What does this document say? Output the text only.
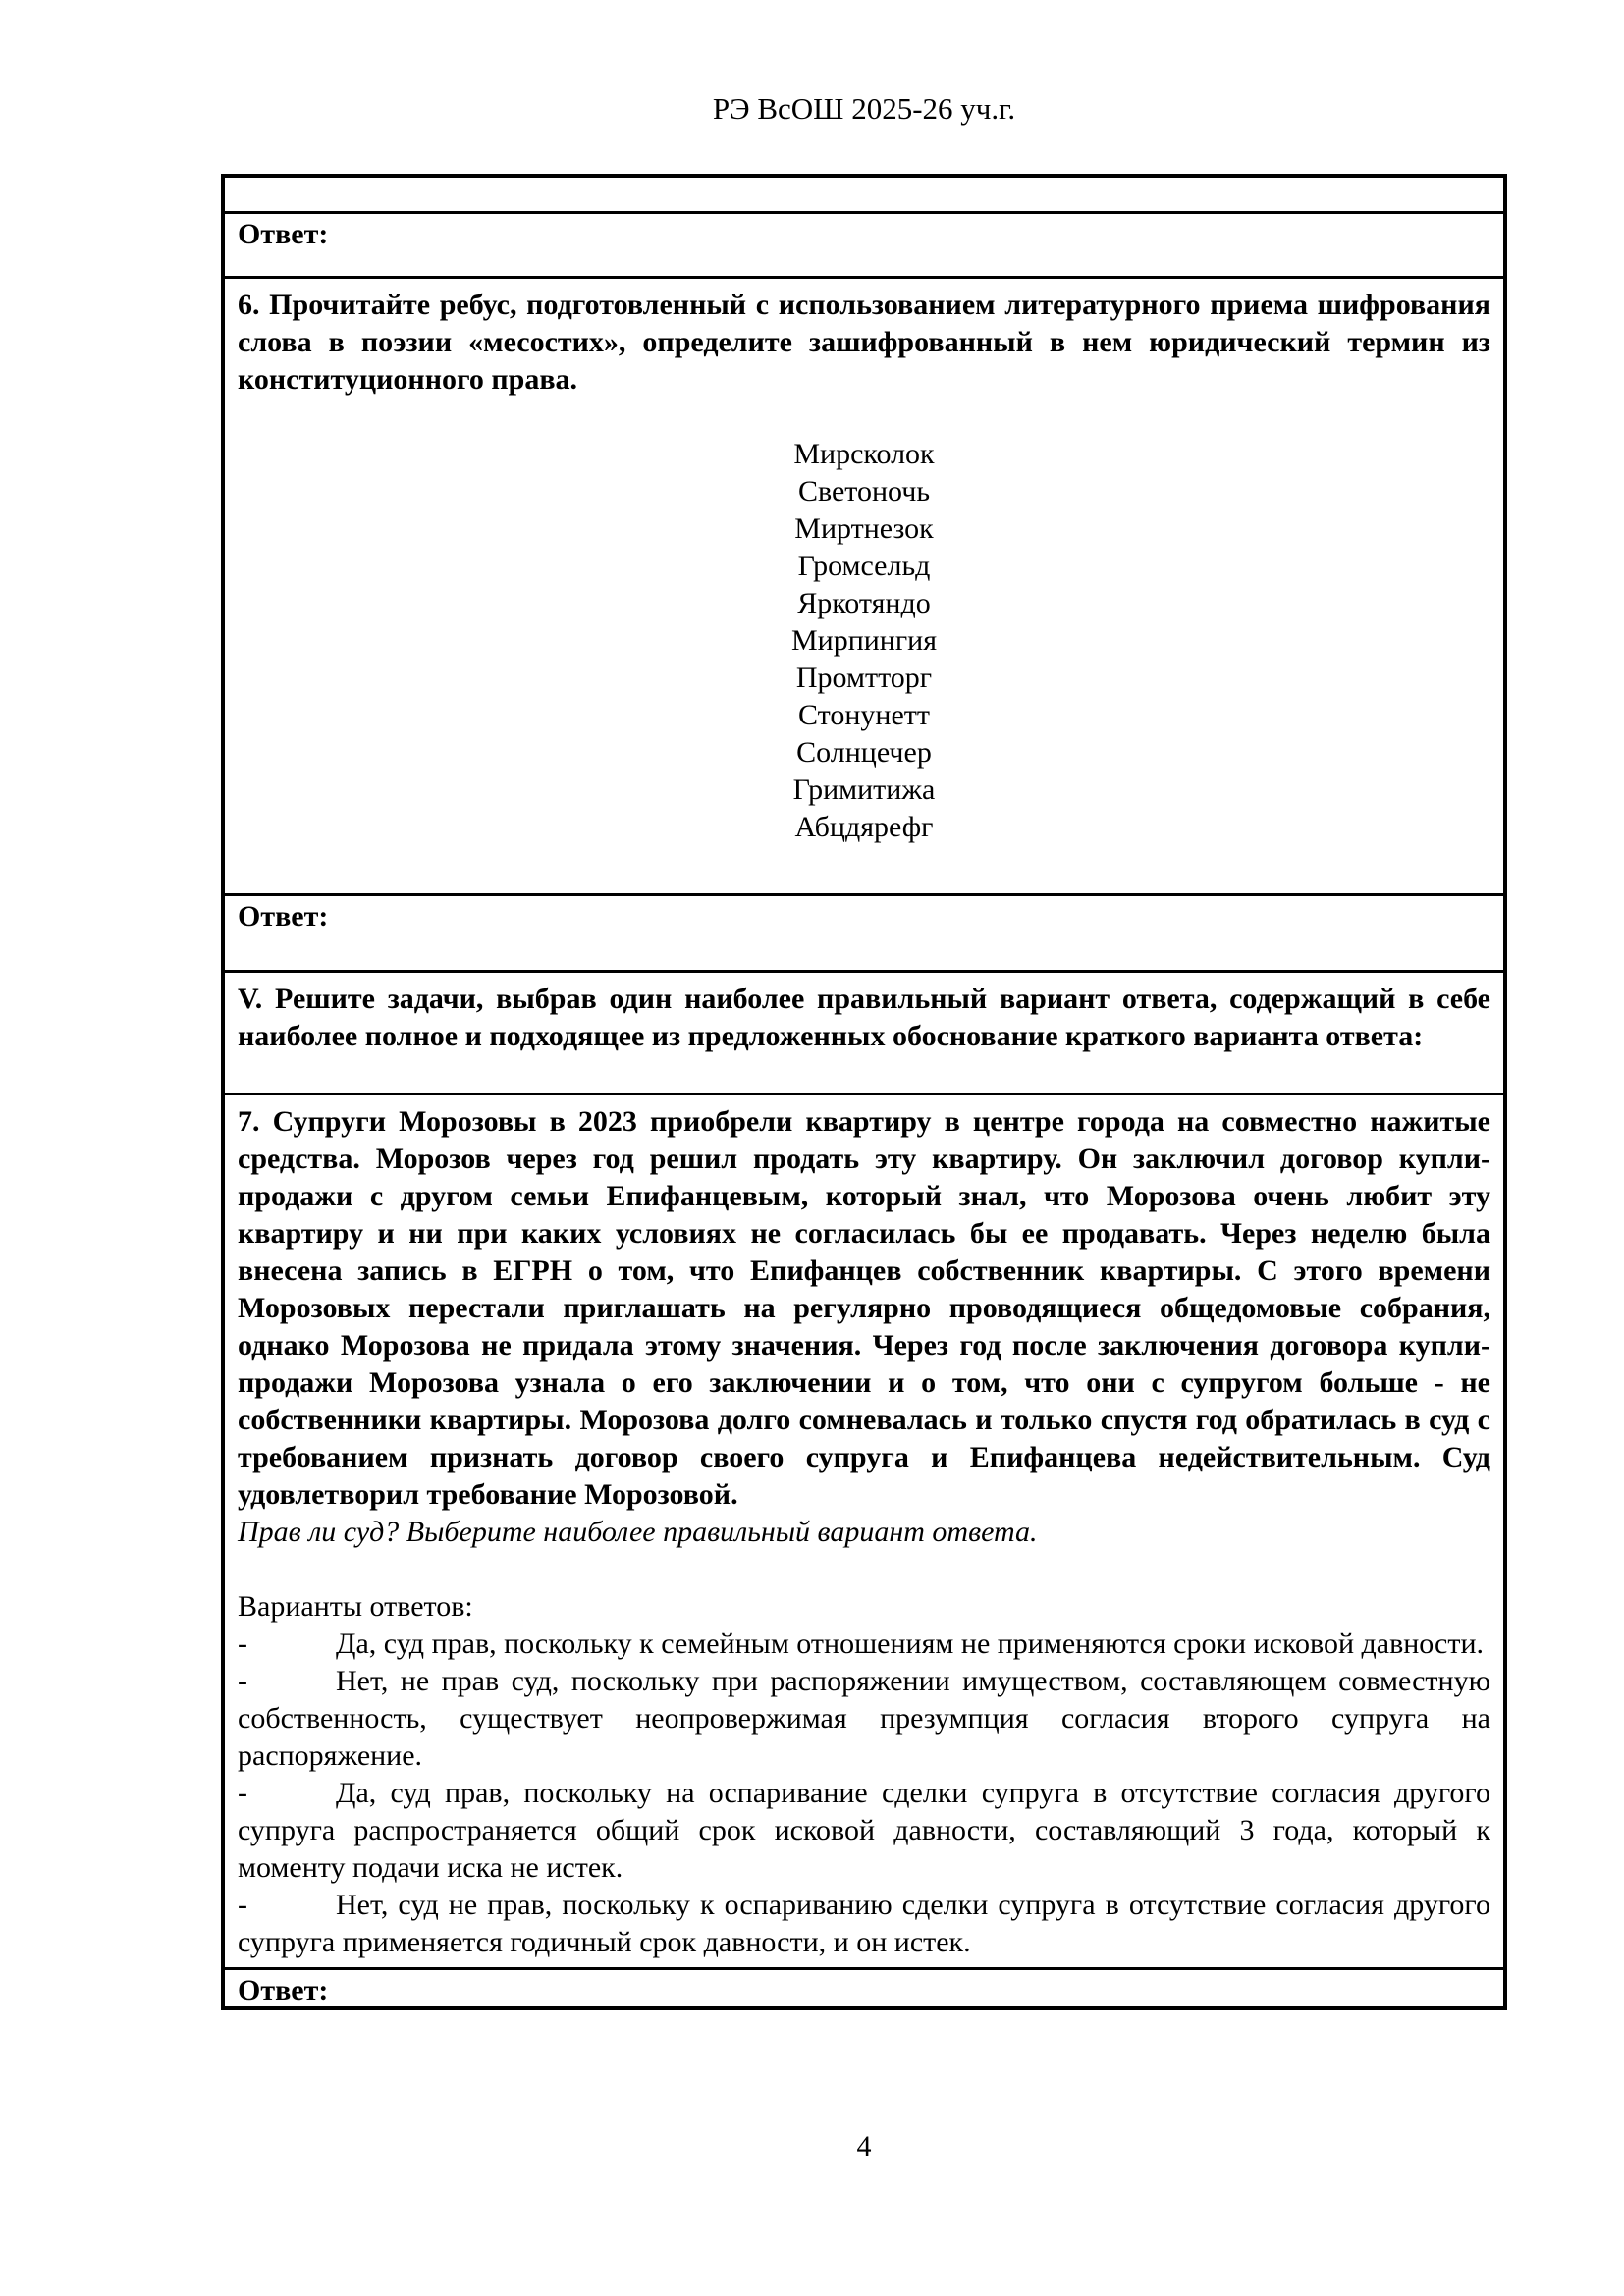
РЭ ВсОШ 2025-26 уч.г.
Ответ:

6. Прочитайте ребус, подготовленный с использованием литературного приема шифрования слова в поэзии «месостих», определите зашифрованный в нем юридический термин из конституционного права.

Мирсколок
Светоночь
Миртнезок
Громсельд
Яркотяндо
Мирпингия
Промтторг
Стонунетт
Солнцечер
Гримитижа
Абцдярефг
Ответ:

V. Решите задачи, выбрав один наиболее правильный вариант ответа, содержащий в себе наиболее полное и подходящее из предложенных обоснование краткого варианта ответа:

7. Супруги Морозовы в 2023 приобрели квартиру в центре города на совместно нажитые средства. Морозов через год решил продать эту квартиру. Он заключил договор купли-продажи с другом семьи Епифанцевым, который знал, что Морозова очень любит эту квартиру и ни при каких условиях не согласилась бы ее продавать. Через неделю была внесена запись в ЕГРН о том, что Епифанцев собственник квартиры. С этого времени Морозовых перестали приглашать на регулярно проводящиеся общедомовые собрания, однако Морозова не придала этому значения. Через год после заключения договора купли-продажи Морозова узнала о его заключении и о том, что они с супругом больше - не собственники квартиры. Морозова долго сомневалась и только спустя год обратилась в суд с требованием признать договор своего супруга и Епифанцева недействительным. Суд удовлетворил требование Морозовой.

Прав ли суд? Выберите наиболее правильный вариант ответа.

Варианты ответов:

-	Да, суд прав, поскольку к семейным отношениям не применяются сроки исковой давности.

-	Нет, не прав суд, поскольку при распоряжении имуществом, составляющем совместную собственность, существует неопровержимая презумпция согласия второго супруга на распоряжение.

-	Да, суд прав, поскольку на оспаривание сделки супруга в отсутствие согласия другого супруга распространяется общий срок исковой давности, составляющий 3 года, который к моменту подачи иска не истек.

-	Нет, суд не прав, поскольку к оспариванию сделки супруга в отсутствие согласия другого супруга применяется годичный срок давности, и он истек.

Ответ:
4
